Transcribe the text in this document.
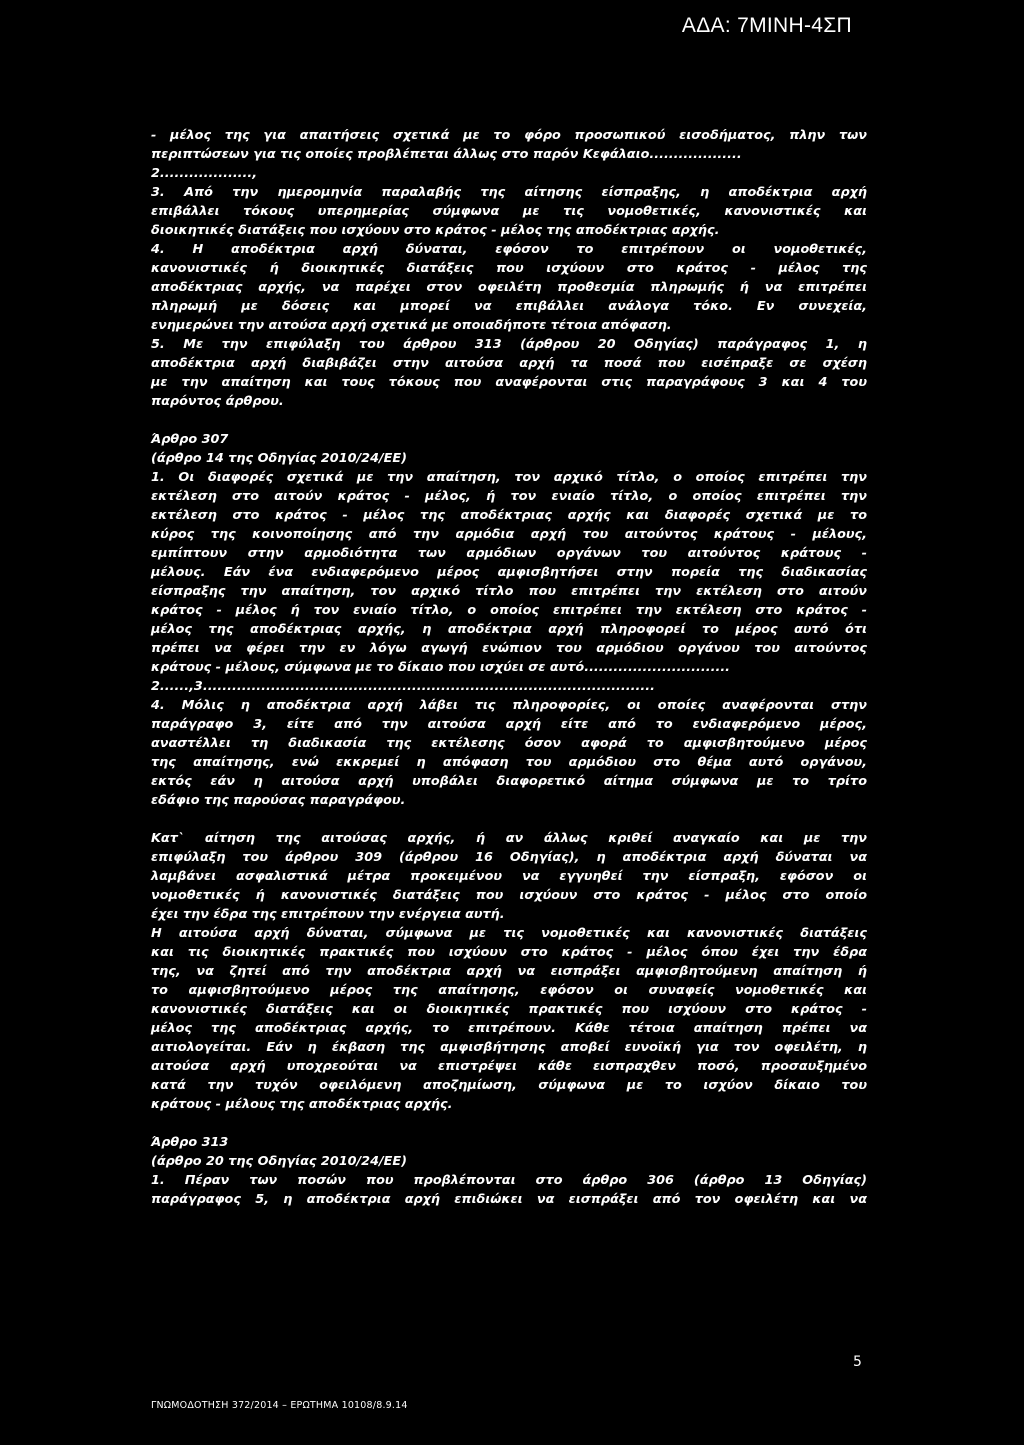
ΑΔΑ: 7ΜΙΝΗ-4ΣΠ
- μέλος της για απαιτήσεις σχετικά με το φόρο προσωπικού εισοδήματος, πλην των
περιπτώσεων για τις οποίες προβλέπεται άλλως στο παρόν Κεφάλαιο...................
2...................,
3. Από την ημερομηνία παραλαβής της αίτησης είσπραξης, η αποδέκτρια αρχή
επιβάλλει τόκους υπερημερίας σύμφωνα με τις νομοθετικές, κανονιστικές και
διοικητικές διατάξεις που ισχύουν στο κράτος - μέλος της αποδέκτριας αρχής.
4. Η αποδέκτρια αρχή δύναται, εφόσον το επιτρέπουν οι νομοθετικές,
κανονιστικές ή διοικητικές διατάξεις που ισχύουν στο κράτος - μέλος της
αποδέκτριας αρχής, να παρέχει στον οφειλέτη προθεσμία πληρωμής ή να επιτρέπει
πληρωμή με δόσεις και μπορεί να επιβάλλει ανάλογα τόκο. Εν συνεχεία,
ενημερώνει την αιτούσα αρχή σχετικά με οποιαδήποτε τέτοια απόφαση.
5. Με την επιφύλαξη του άρθρου 313 (άρθρου 20 Οδηγίας) παράγραφος 1, η
αποδέκτρια αρχή διαβιβάζει στην αιτούσα αρχή τα ποσά που εισέπραξε σε σχέση
με την απαίτηση και τους τόκους που αναφέρονται στις παραγράφους 3 και 4 του
παρόντος άρθρου.
Άρθρο 307
(άρθρο 14 της Οδηγίας 2010/24/ΕΕ)
1. Οι διαφορές σχετικά με την απαίτηση, τον αρχικό τίτλο, ο οποίος επιτρέπει την
εκτέλεση στο αιτούν κράτος - μέλος, ή τον ενιαίο τίτλο, ο οποίος επιτρέπει την
εκτέλεση στο κράτος - μέλος της αποδέκτριας αρχής και διαφορές σχετικά με το
κύρος της κοινοποίησης από την αρμόδια αρχή του αιτούντος κράτους - μέλους,
εμπίπτουν στην αρμοδιότητα των αρμόδιων οργάνων του αιτούντος κράτους -
μέλους. Εάν ένα ενδιαφερόμενο μέρος αμφισβητήσει στην πορεία της διαδικασίας
είσπραξης την απαίτηση, τον αρχικό τίτλο που επιτρέπει την εκτέλεση στο αιτούν
κράτος - μέλος ή τον ενιαίο τίτλο, ο οποίος επιτρέπει την εκτέλεση στο κράτος -
μέλος της αποδέκτριας αρχής, η αποδέκτρια αρχή πληροφορεί το μέρος αυτό ότι
πρέπει να φέρει την εν λόγω αγωγή ενώπιον του αρμόδιου οργάνου του αιτούντος
κράτους - μέλους, σύμφωνα με το δίκαιο που ισχύει σε αυτό..............................
2......,3.............................................................................................
4. Μόλις η αποδέκτρια αρχή λάβει τις πληροφορίες, οι οποίες αναφέρονται στην
παράγραφο 3, είτε από την αιτούσα αρχή είτε από το ενδιαφερόμενο μέρος,
αναστέλλει τη διαδικασία της εκτέλεσης όσον αφορά το αμφισβητούμενο μέρος
της απαίτησης, ενώ εκκρεμεί η απόφαση του αρμόδιου στο θέμα αυτό οργάνου,
εκτός εάν η αιτούσα αρχή υποβάλει διαφορετικό αίτημα σύμφωνα με το τρίτο
εδάφιο της παρούσας παραγράφου.
Κατ` αίτηση της αιτούσας αρχής, ή αν άλλως κριθεί αναγκαίο και με την
επιφύλαξη του άρθρου 309 (άρθρου 16 Οδηγίας), η αποδέκτρια αρχή δύναται να
λαμβάνει ασφαλιστικά μέτρα προκειμένου να εγγυηθεί την είσπραξη, εφόσον οι
νομοθετικές ή κανονιστικές διατάξεις που ισχύουν στο κράτος - μέλος στο οποίο
έχει την έδρα της επιτρέπουν την ενέργεια αυτή.
Η αιτούσα αρχή δύναται, σύμφωνα με τις νομοθετικές και κανονιστικές διατάξεις
και τις διοικητικές πρακτικές που ισχύουν στο κράτος - μέλος όπου έχει την έδρα
της, να ζητεί από την αποδέκτρια αρχή να εισπράξει αμφισβητούμενη απαίτηση ή
το αμφισβητούμενο μέρος της απαίτησης, εφόσον οι συναφείς νομοθετικές και
κανονιστικές διατάξεις και οι διοικητικές πρακτικές που ισχύουν στο κράτος -
μέλος της αποδέκτριας αρχής, το επιτρέπουν. Κάθε τέτοια απαίτηση πρέπει να
αιτιολογείται. Εάν η έκβαση της αμφισβήτησης αποβεί ευνοϊκή για τον οφειλέτη, η
αιτούσα αρχή υποχρεούται να επιστρέψει κάθε εισπραχθεν ποσό, προσαυξημένο
κατά την τυχόν οφειλόμενη αποζημίωση, σύμφωνα με το ισχύον δίκαιο του
κράτους - μέλους της αποδέκτριας αρχής.
Άρθρο 313
(άρθρο 20 της Οδηγίας 2010/24/ΕΕ)
1. Πέραν των ποσών που προβλέπονται στο άρθρο 306 (άρθρο 13 Οδηγίας)
παράγραφος 5, η αποδέκτρια αρχή επιδιώκει να εισπράξει από τον οφειλέτη και να
5
ΓΝΩΜΟΔΟΤΗΣΗ 372/2014 – ΕΡΩΤΗΜΑ 10108/8.9.14
